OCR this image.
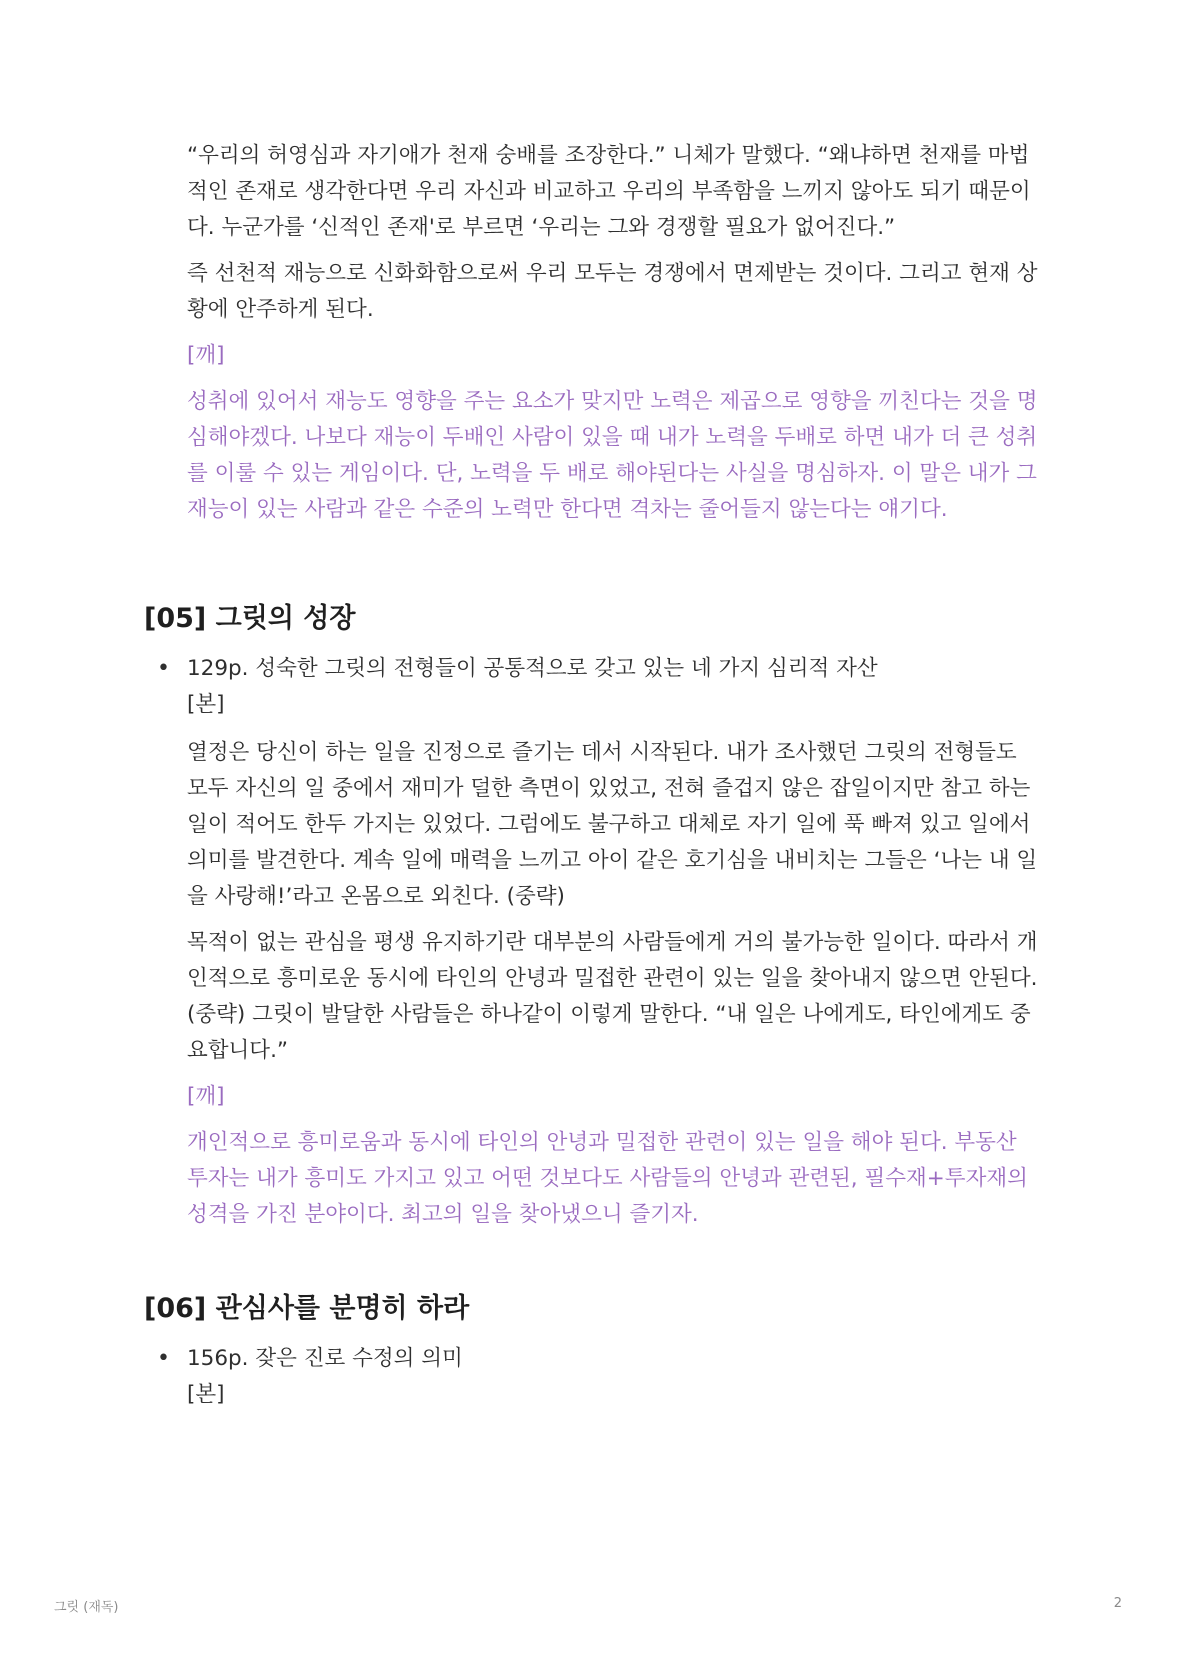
“우리의 허영심과 자기애가 천재 숭배를 조장한다.” 니체가 말했다. “왜냐하면 천재를 마법적인 존재로 생각한다면 우리 자신과 비교하고 우리의 부족함을 느끼지 않아도 되기 때문이다. 누군가를 ‘신적인 존재'로 부르면 ‘우리는 그와 경쟁할 필요가 없어진다.”

즉 선천적 재능으로 신화화함으로써 우리 모두는 경쟁에서 면제받는 것이다. 그리고 현재 상황에 안주하게 된다.

[깨]

성취에 있어서 재능도 영향을 주는 요소가 맞지만 노력은 제곱으로 영향을 끼친다는 것을 명심해야겠다. 나보다 재능이 두배인 사람이 있을 때 내가 노력을 두배로 하면 내가 더 큰 성취를 이룰 수 있는 게임이다. 단, 노력을 두 배로 해야된다는 사실을 명심하자. 이 말은 내가 그 재능이 있는 사람과 같은 수준의 노력만 한다면 격차는 줄어들지 않는다는 얘기다.

[05] 그릿의 성장
• 129p. 성숙한 그릿의 전형들이 공통적으로 갖고 있는 네 가지 심리적 자산

[본]

열정은 당신이 하는 일을 진정으로 즐기는 데서 시작된다. 내가 조사했던 그릿의 전형들도 모두 자신의 일 중에서 재미가 덜한 측면이 있었고, 전혀 즐겁지 않은 잡일이지만 참고 하는 일이 적어도 한두 가지는 있었다. 그럼에도 불구하고 대체로 자기 일에 푹 빠져 있고 일에서 의미를 발견한다. 계속 일에 매력을 느끼고 아이 같은 호기심을 내비치는 그들은 ‘나는 내 일을 사랑해!’라고 온몸으로 외친다. (중략)

목적이 없는 관심을 평생 유지하기란 대부분의 사람들에게 거의 불가능한 일이다. 따라서 개인적으로 흥미로운 동시에 타인의 안녕과 밀접한 관련이 있는 일을 찾아내지 않으면 안된다. (중략) 그릿이 발달한 사람들은 하나같이 이렇게 말한다. “내 일은 나에게도, 타인에게도 중요합니다.”

[깨]

개인적으로 흥미로움과 동시에 타인의 안녕과 밀접한 관련이 있는 일을 해야 된다. 부동산 투자는 내가 흥미도 가지고 있고 어떤 것보다도 사람들의 안녕과 관련된, 필수재+투자재의 성격을 가진 분야이다. 최고의 일을 찾아냈으니 즐기자.

[06] 관심사를 분명히 하라
• 156p. 잦은 진로 수정의 의미

[본]

그릿 (재독)	2
